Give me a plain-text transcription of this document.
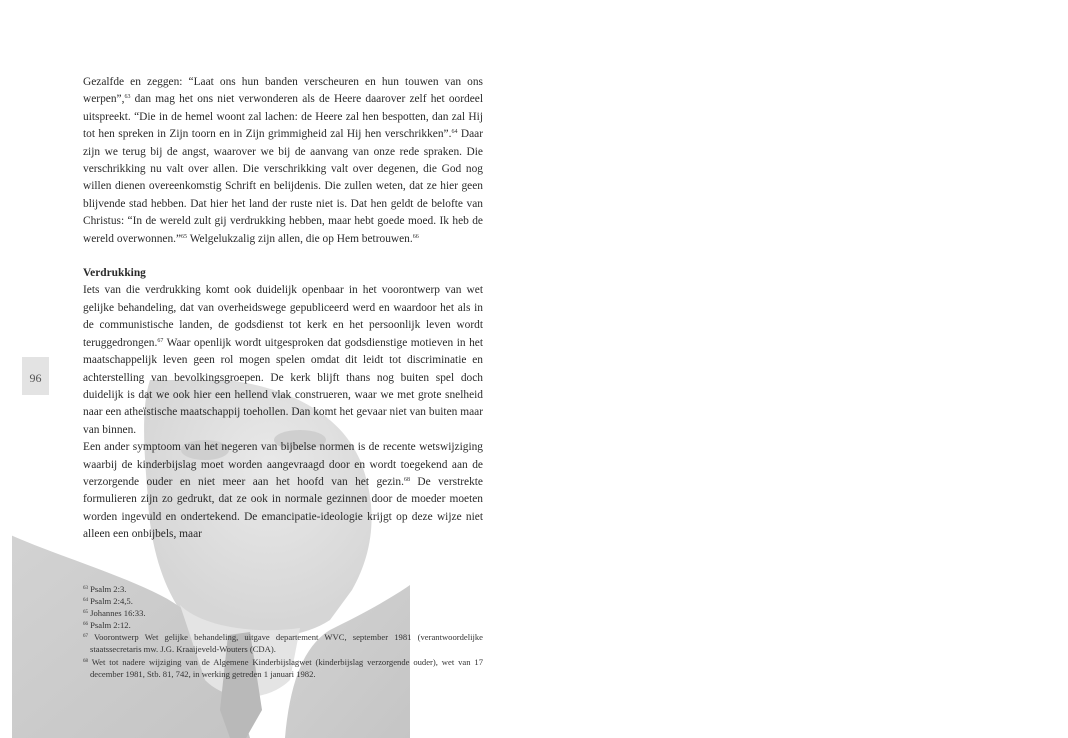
96

Gezalfde en zeggen: “Laat ons hun banden verscheuren en hun touwen van ons werpen”,$^{63}$ dan mag het ons niet verwonderen als de Heere daarover zelf het oordeel uitspreekt. “Die in de hemel woont zal lachen: de Heere zal hen bespotten, dan zal Hij tot hen spreken in Zijn toorn en in Zijn grimmigheid zal Hij hen verschrikken”.$^{64}$ Daar zijn we terug bij de angst, waarover we bij de aanvang van onze rede spraken. Die verschrikking nu valt over allen. Die verschrikking valt over degenen, die God nog willen dienen overeenkomstig Schrift en belijdenis. Die zullen weten, dat ze hier geen blijvende stad hebben. Dat hier het land der ruste niet is. Dat hen geldt de belofte van Christus: “In de wereld zult gij verdrukking hebben, maar hebt goede moed. Ik heb de wereld overwonnen.”$^{65}$ Welgelukzalig zijn allen, die op Hem betrouwen.$^{66}$

Verdrukking

Iets van die verdrukking komt ook duidelijk openbaar in het voorontwerp van wet gelijke behandeling, dat van overheidswege gepubliceerd werd en waardoor het als in de communistische landen, de godsdienst tot kerk en het persoonlijk leven wordt teruggedrongen.$^{67}$ Waar openlijk wordt uitgesproken dat godsdienstige motieven in het maatschappelijk leven geen rol mogen spelen omdat dit leidt tot discriminatie en achterstelling van bevolkingsgroepen. De kerk blijft thans nog buiten spel doch duidelijk is dat we ook hier een hellend vlak construeren, waar we met grote snelheid naar een atheïstische maatschappij toehollen. Dan komt het gevaar niet van buiten maar van binnen.

Een ander symptoom van het negeren van bijbelse normen is de recente wetswijziging waarbij de kinderbijslag moet worden aangevraagd door en wordt toegekend aan de verzorgende ouder en niet meer aan het hoofd van het gezin.$^{68}$ De verstrekte formulieren zijn zo gedrukt, dat ze ook in normale gezinnen door de moeder moeten worden ingevuld en ondertekend. De emancipatie-ideologie krijgt op deze wijze niet alleen een onbijbels, maar

$^{63}$ Psalm 2:3.

$^{64}$ Psalm 2:4,5.

$^{65}$ Johannes 16:33.

$^{66}$ Psalm 2:12.

$^{67}$ Voorontwerp Wet gelijke behandeling, uitgave departement WVC, september 1981 (verantwoordelijke staatssecretaris mw. J.G. Kraaijeveld-Wouters (CDA).

$^{68}$ Wet tot nadere wijziging van de Algemene Kinderbijslagwet (kinderbijslag verzorgende ouder), wet van 17 december 1981, Stb. 81, 742, in werking getreden 1 januari 1982.
